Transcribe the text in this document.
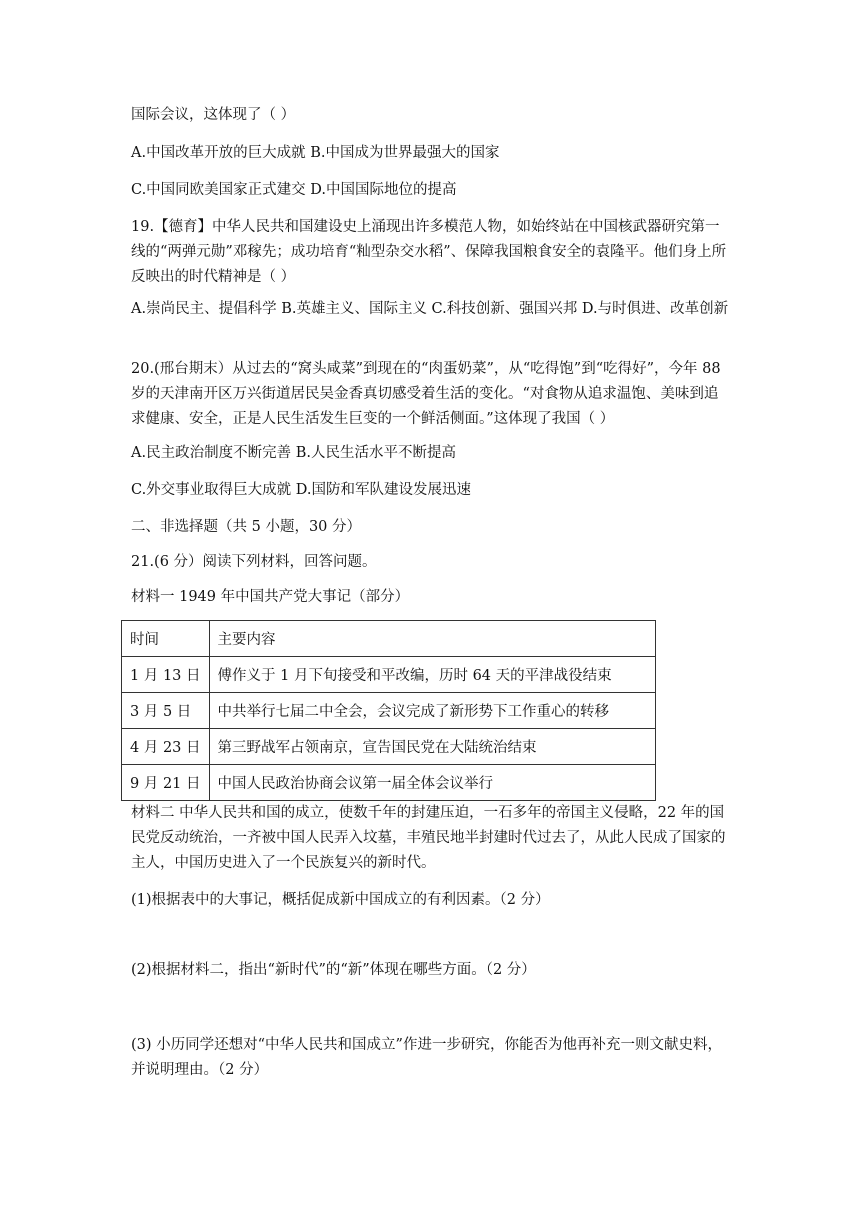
国际会议，这体现了（ ）

A.中国改革开放的巨大成就 B.中国成为世界最强大的国家

C.中国同欧美国家正式建交 D.中国国际地位的提高

19.【德育】中华人民共和国建设史上涌现出许多模范人物，如始终站在中国核武器研究第一线的“两弹元勋”邓稼先；成功培育“籼型杂交水稻”、保障我国粮食安全的袁隆平。他们身上所反映出的时代精神是（ ）

A.崇尚民主、提倡科学 B.英雄主义、国际主义 C.科技创新、强国兴邦 D.与时俱进、改革创新

20.(邢台期末）从过去的“窝头咸菜”到现在的“肉蛋奶菜”，从“吃得饱”到“吃得好”，今年 88 岁的天津南开区万兴街道居民吴金香真切感受着生活的变化。“对食物从追求温饱、美味到追求健康、安全，正是人民生活发生巨变的一个鲜活侧面。”这体现了我国（ ）

A.民主政治制度不断完善 B.人民生活水平不断提高

C.外交事业取得巨大成就 D.国防和军队建设发展迅速

二、非选择题（共 5 小题，30 分）

21.(6 分）阅读下列材料，回答问题。

材料一 1949 年中国共产党大事记（部分）

时间	主要内容
1 月 13 日	傅作义于 1 月下旬接受和平改编，历时 64 天的平津战役结束
3 月 5 日	中共举行七届二中全会，会议完成了新形势下工作重心的转移
4 月 23 日	第三野战军占领南京，宣告国民党在大陆统治结束
9 月 21 日	中国人民政治协商会议第一届全体会议举行

材料二 中华人民共和国的成立，使数千年的封建压迫，一石多年的帝国主义侵略，22 年的国民党反动统治，一齐被中国人民弄入坟墓，丰殖民地半封建时代过去了，从此人民成了国家的主人，中国历史进入了一个民族复兴的新时代。

(1)根据表中的大事记，概括促成新中国成立的有利因素。（2 分）

(2)根据材料二，指出“新时代”的“新”体现在哪些方面。（2 分）

(3) 小历同学还想对“中华人民共和国成立”作进一步研究，你能否为他再补充一则文献史料，并说明理由。（2 分）
